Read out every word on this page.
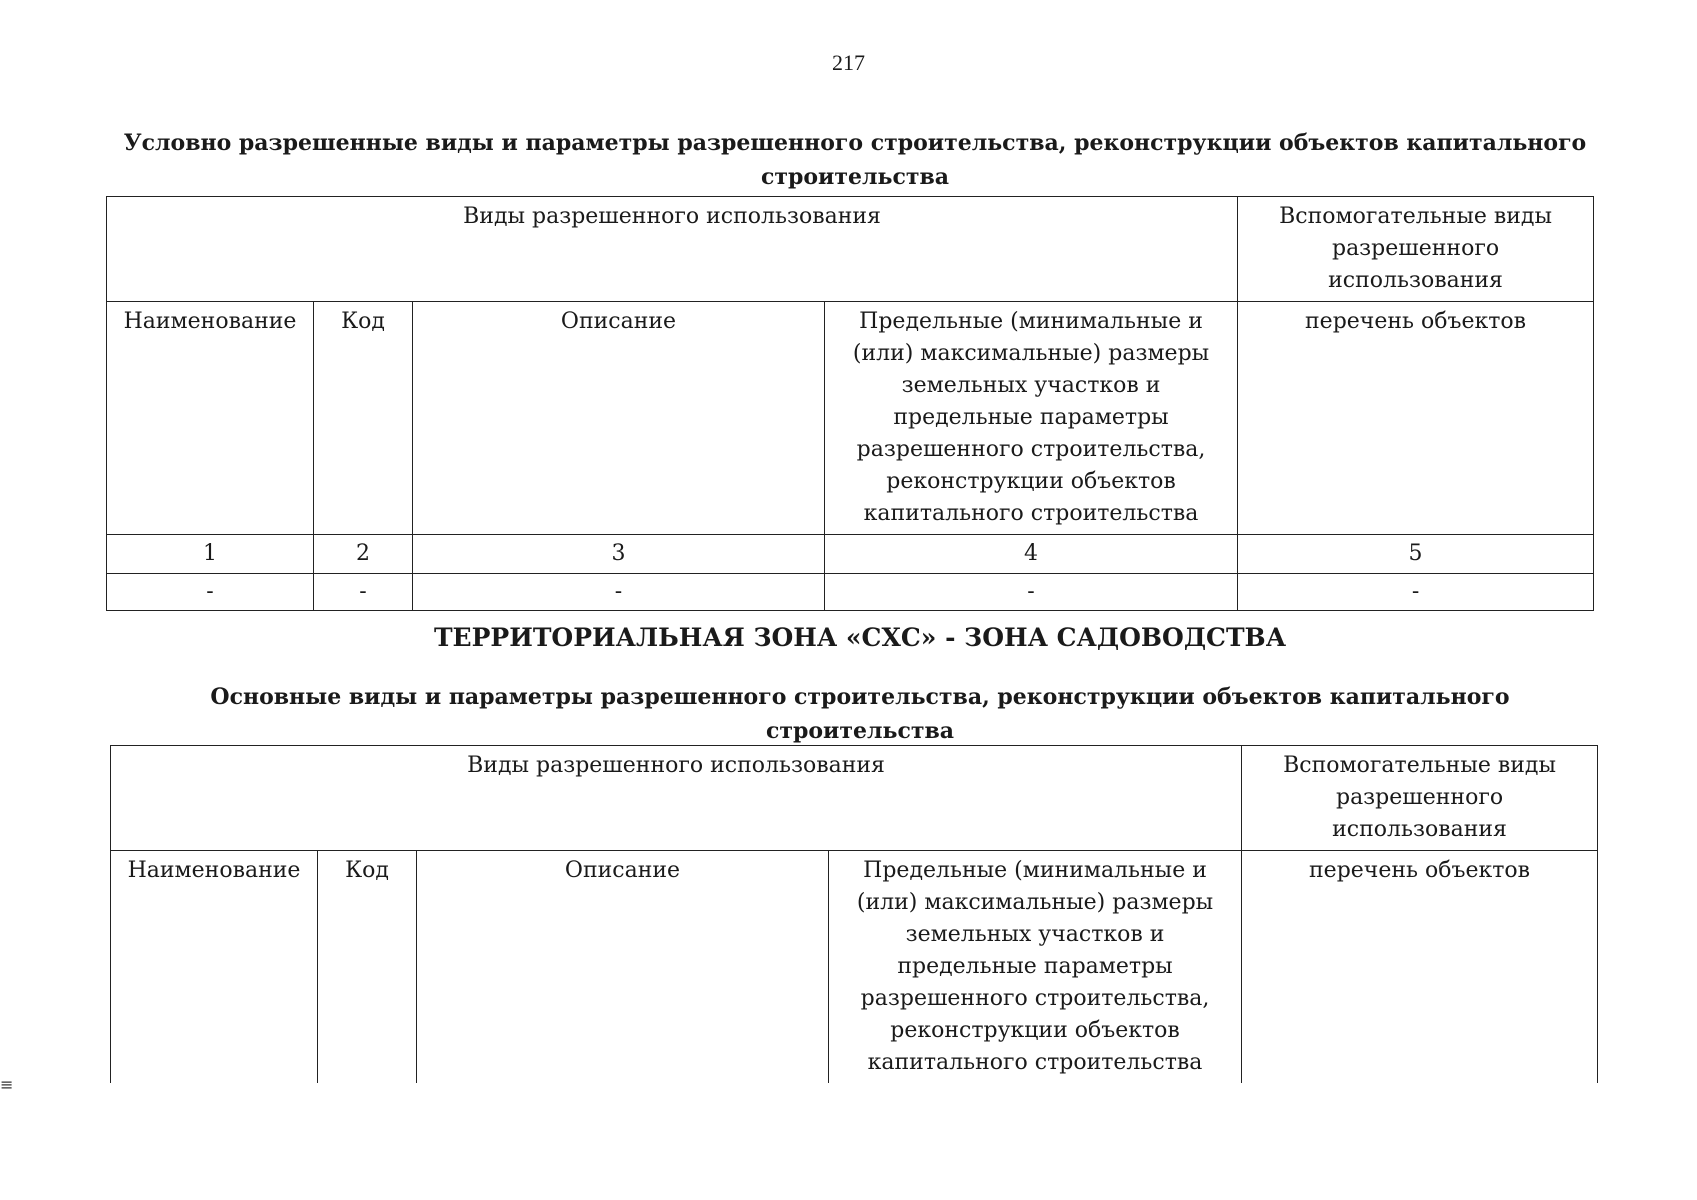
217
Условно разрешенные виды и параметры разрешенного строительства, реконструкции объектов капитального строительства
Виды разрешенного использования				Вспомогательные виды разрешенного использования
Наименование	Код	Описание	Предельные (минимальные и (или) максимальные) размеры земельных участков и предельные параметры разрешенного строительства, реконструкции объектов капитального строительства	перечень объектов
1	2	3	4	5
-	-	-	-	-
ТЕРРИТОРИАЛЬНАЯ ЗОНА «СХС» - ЗОНА САДОВОДСТВА
Основные виды и параметры разрешенного строительства, реконструкции объектов капитального строительства
Виды разрешенного использования				Вспомогательные виды разрешенного использования
Наименование	Код	Описание	Предельные (минимальные и (или) максимальные) размеры земельных участков и предельные параметры разрешенного строительства, реконструкции объектов капитального строительства	перечень объектов
≡
